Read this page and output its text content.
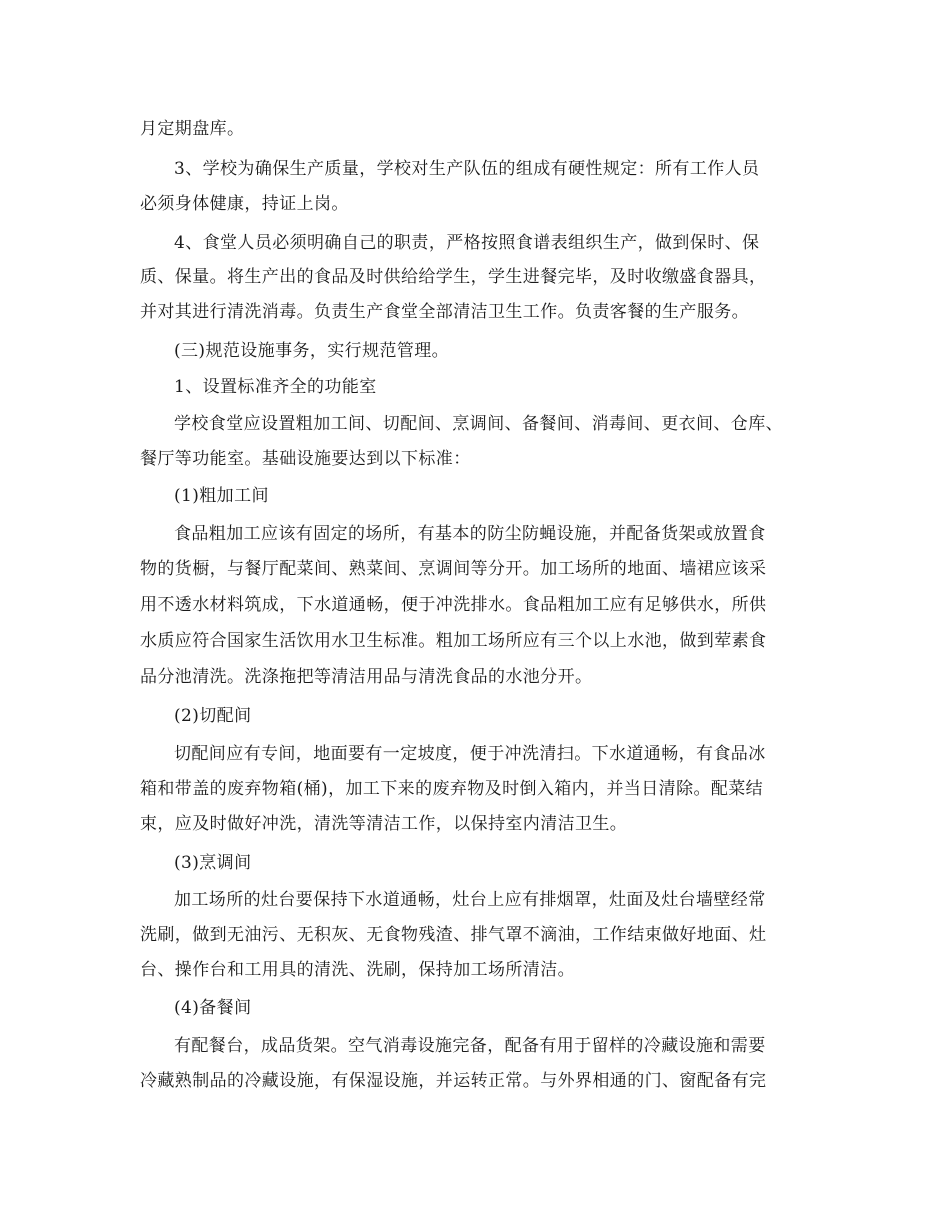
月定期盘库。
3、学校为确保生产质量，学校对生产队伍的组成有硬性规定：所有工作人员
必须身体健康，持证上岗。
4、食堂人员必须明确自己的职责，严格按照食谱表组织生产，做到保时、保
质、保量。将生产出的食品及时供给给学生，学生进餐完毕，及时收缴盛食器具，
并对其进行清洗消毒。负责生产食堂全部清洁卫生工作。负责客餐的生产服务。
(三)规范设施事务，实行规范管理。
1、设置标准齐全的功能室
学校食堂应设置粗加工间、切配间、烹调间、备餐间、消毒间、更衣间、仓库、
餐厅等功能室。基础设施要达到以下标准：
(1)粗加工间
食品粗加工应该有固定的场所，有基本的防尘防蝇设施，并配备货架或放置食
物的货橱，与餐厅配菜间、熟菜间、烹调间等分开。加工场所的地面、墙裙应该采
用不透水材料筑成，下水道通畅，便于冲洗排水。食品粗加工应有足够供水，所供
水质应符合国家生活饮用水卫生标准。粗加工场所应有三个以上水池，做到荤素食
品分池清洗。洗涤拖把等清洁用品与清洗食品的水池分开。
(2)切配间
切配间应有专间，地面要有一定坡度，便于冲洗清扫。下水道通畅，有食品冰
箱和带盖的废弃物箱(桶)，加工下来的废弃物及时倒入箱内，并当日清除。配菜结
束，应及时做好冲洗，清洗等清洁工作，以保持室内清洁卫生。
(3)烹调间
加工场所的灶台要保持下水道通畅，灶台上应有排烟罩，灶面及灶台墙壁经常
洗刷，做到无油污、无积灰、无食物残渣、排气罩不滴油，工作结束做好地面、灶
台、操作台和工用具的清洗、洗刷，保持加工场所清洁。
(4)备餐间
有配餐台，成品货架。空气消毒设施完备，配备有用于留样的冷藏设施和需要
冷藏熟制品的冷藏设施，有保湿设施，并运转正常。与外界相通的门、窗配备有完
